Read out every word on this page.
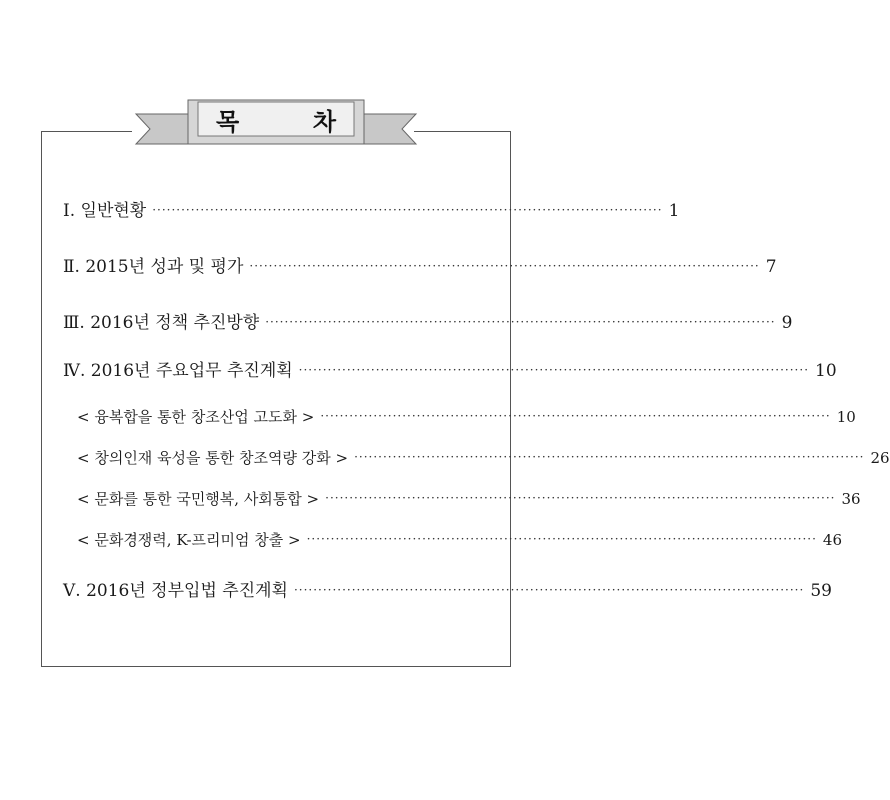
목	차
Ⅰ. 일반현황 ·········································································································· 1
Ⅱ. 2015년 성과 및 평가 ·········································································································· 7
Ⅲ. 2016년 정책 추진방향 ·········································································································· 9
Ⅳ. 2016년 주요업무 추진계획 ·········································································································· 10
< 융복합을 통한 창조산업 고도화 > ·········································································································· 10
< 창의인재 육성을 통한 창조역량 강화 > ·········································································································· 26
< 문화를 통한 국민행복, 사회통합 > ·········································································································· 36
< 문화경쟁력, K-프리미엄 창출 > ·········································································································· 46
Ⅴ. 2016년 정부입법 추진계획 ·········································································································· 59
